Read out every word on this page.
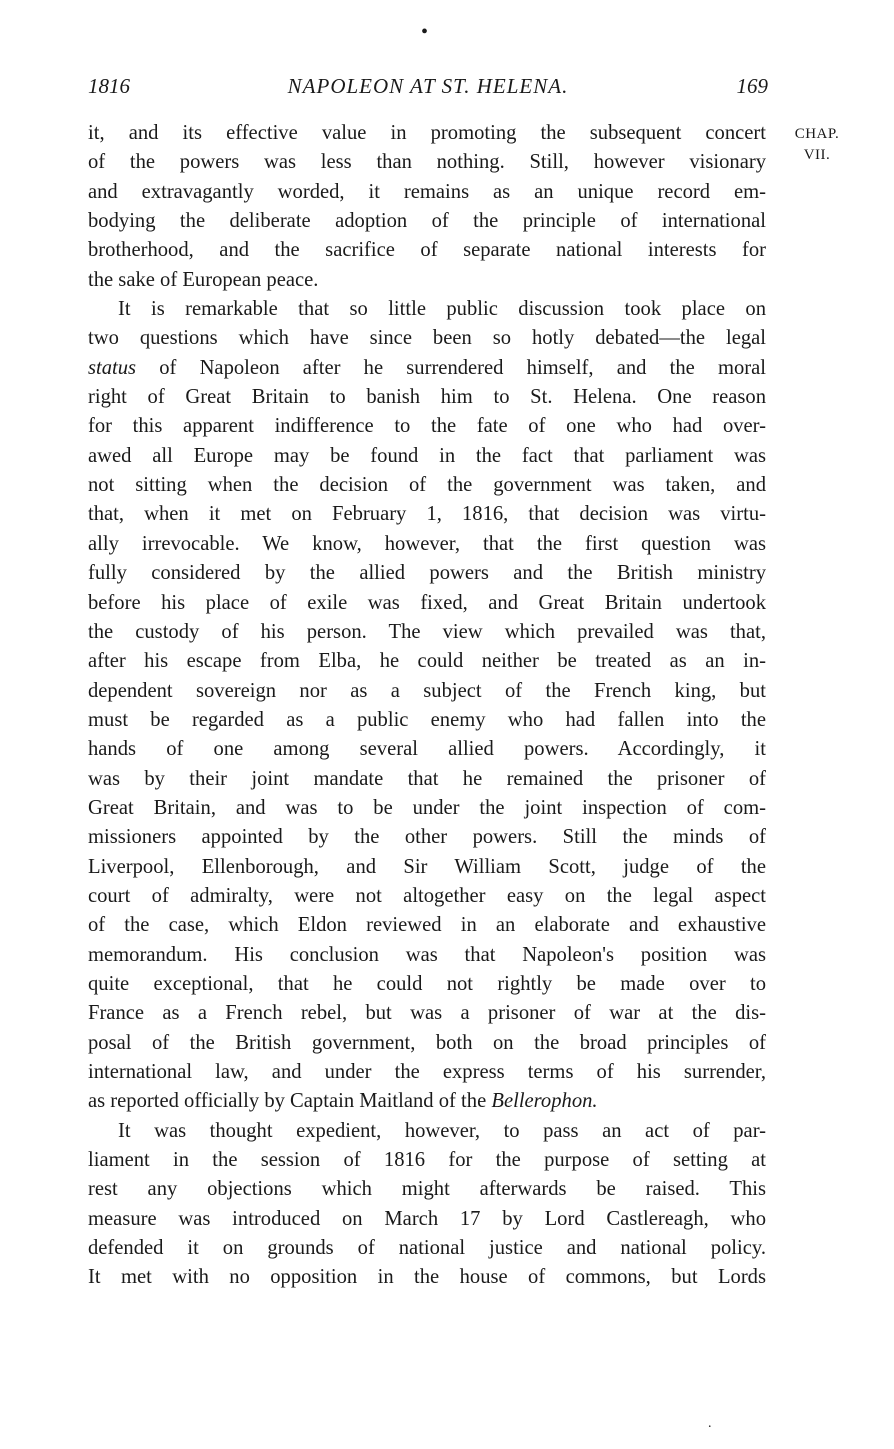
•
1816	NAPOLEON AT ST. HELENA.	169
CHAP.
VII.
it, and its effective value in promoting the subsequent concert
of the powers was less than nothing. Still, however visionary
and extravagantly worded, it remains as an unique record em-
bodying the deliberate adoption of the principle of international
brotherhood, and the sacrifice of separate national interests for
the sake of European peace.
It is remarkable that so little public discussion took place on
two questions which have since been so hotly debated—the legal
status of Napoleon after he surrendered himself, and the moral
right of Great Britain to banish him to St. Helena. One reason
for this apparent indifference to the fate of one who had over-
awed all Europe may be found in the fact that parliament was
not sitting when the decision of the government was taken, and
that, when it met on February 1, 1816, that decision was virtu-
ally irrevocable. We know, however, that the first question was
fully considered by the allied powers and the British ministry
before his place of exile was fixed, and Great Britain undertook
the custody of his person. The view which prevailed was that,
after his escape from Elba, he could neither be treated as an in-
dependent sovereign nor as a subject of the French king, but
must be regarded as a public enemy who had fallen into the
hands of one among several allied powers. Accordingly, it
was by their joint mandate that he remained the prisoner of
Great Britain, and was to be under the joint inspection of com-
missioners appointed by the other powers. Still the minds of
Liverpool, Ellenborough, and Sir William Scott, judge of the
court of admiralty, were not altogether easy on the legal aspect
of the case, which Eldon reviewed in an elaborate and exhaustive
memorandum. His conclusion was that Napoleon's position was
quite exceptional, that he could not rightly be made over to
France as a French rebel, but was a prisoner of war at the dis-
posal of the British government, both on the broad principles of
international law, and under the express terms of his surrender,
as reported officially by Captain Maitland of the Bellerophon.
It was thought expedient, however, to pass an act of par-
liament in the session of 1816 for the purpose of setting at
rest any objections which might afterwards be raised. This
measure was introduced on March 17 by Lord Castlereagh, who
defended it on grounds of national justice and national policy.
It met with no opposition in the house of commons, but Lords
.
